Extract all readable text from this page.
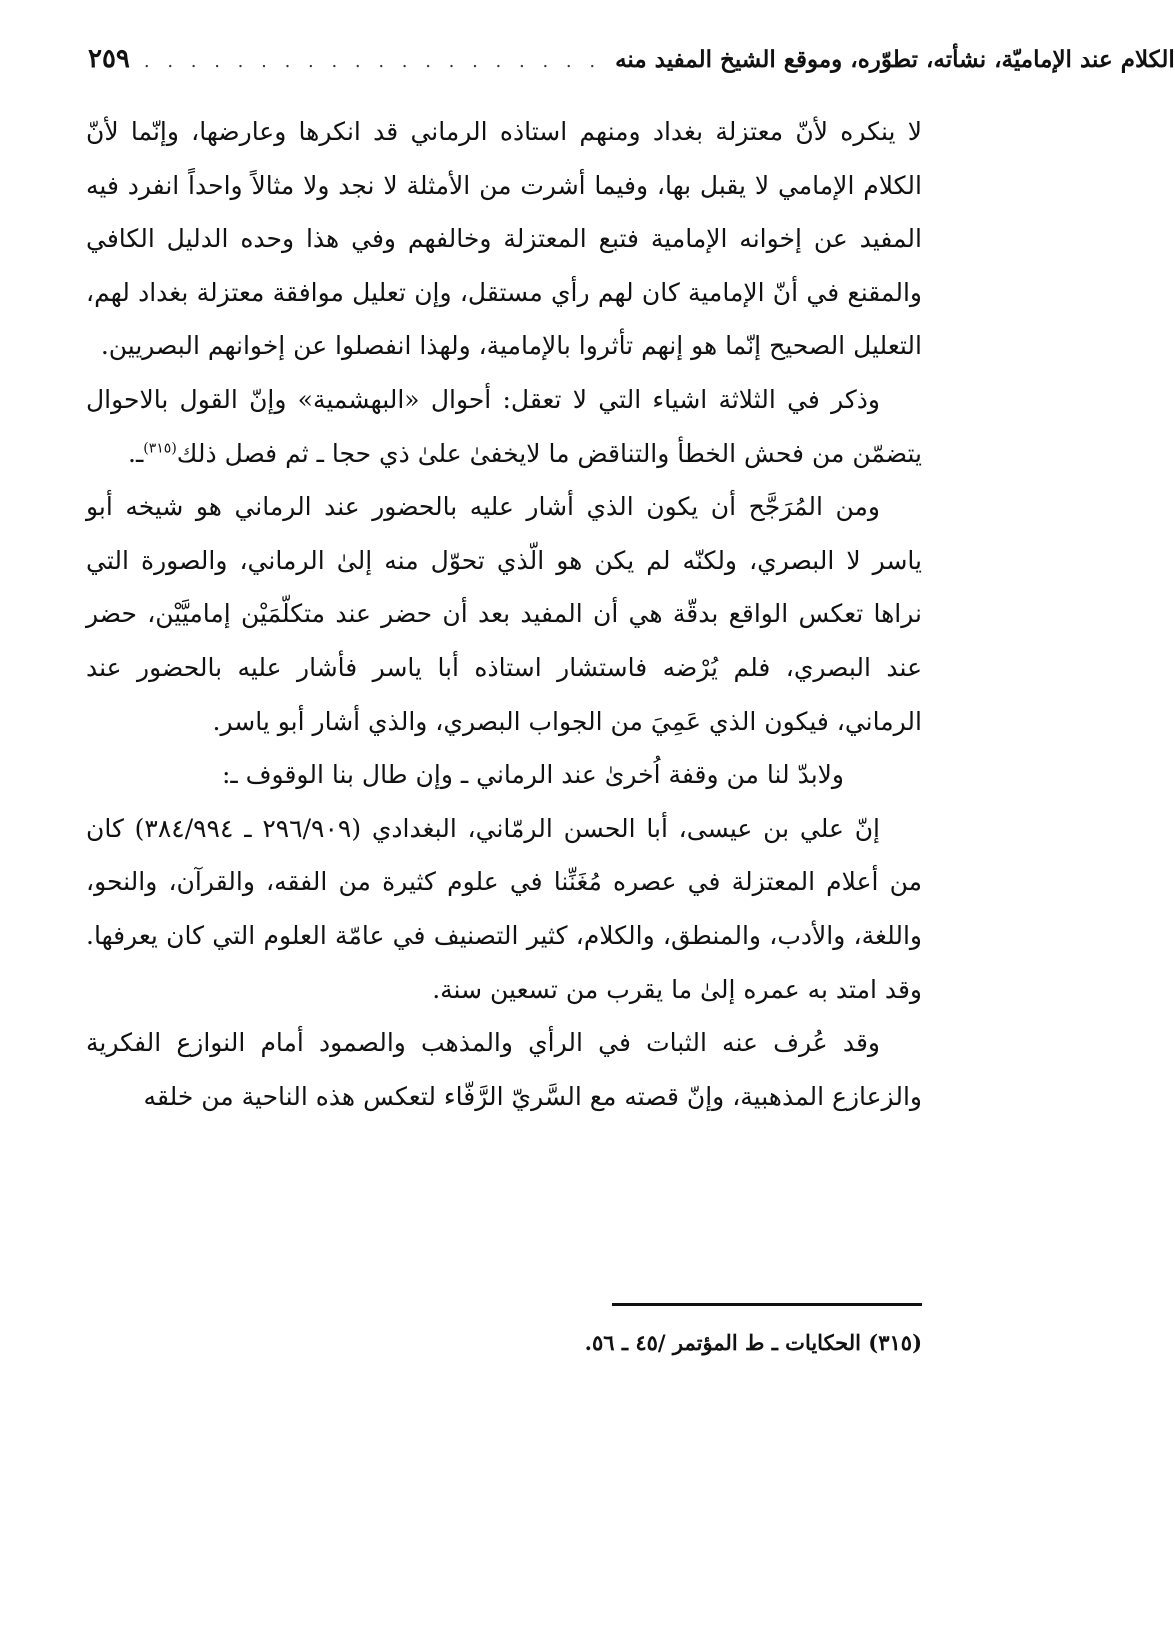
٢٥٩ . . . . . . . . . . . . . . . . . . . . الكلام عند الإماميّة، نشأته، تطوّره، وموقع الشيخ المفيد منه

لا ينكره لأنّ معتزلة بغداد ومنهم استاذه الرماني قد انكرها وعارضها، وإنّما لأنّ الكلام الإمامي لا يقبل بها، وفيما أشرت من الأمثلة لا نجد ولا مثالاً واحداً انفرد فيه المفيد عن إخوانه الإمامية فتبع المعتزلة وخالفهم وفي هذا وحده الدليل الكافي والمقنع في أنّ الإمامية كان لهم رأي مستقل، وإن تعليل موافقة معتزلة بغداد لهم، التعليل الصحيح إنّما هو إنهم تأثروا بالإمامية، ولهذا انفصلوا عن إخوانهم البصريين.

وذكر في الثلاثة اشياء التي لا تعقل: أحوال «البهشمية» وإنّ القول بالاحوال يتضمّن من فحش الخطأ والتناقض ما لايخفىٰ علىٰ ذي حجا ـ ثم فصل ذلك$^{(٣١٥)}$ـ.

ومن المُرَجَّح أن يكون الذي أشار عليه بالحضور عند الرماني هو شيخه أبو ياسر لا البصري، ولكنّه لم يكن هو الّذي تحوّل منه إلىٰ الرماني، والصورة التي نراها تعكس الواقع بدقّة هي أن المفيد بعد أن حضر عند متكلّمَيْن إماميَّيْن، حضر عند البصري، فلم يُرْضه فاستشار استاذه أبا ياسر فأشار عليه بالحضور عند الرماني، فيكون الذي عَمِيَ من الجواب البصري، والذي أشار أبو ياسر.

ولابدّ لنا من وقفة اُخرىٰ عند الرماني ـ وإن طال بنا الوقوف ـ:

إنّ علي بن عيسى، أبا الحسن الرمّاني، البغدادي (٢٩٦/٩٠٩ ـ ٣٨٤/٩٩٤) كان من أعلام المعتزلة في عصره مُغَنِّنا في علوم كثيرة من الفقه، والقرآن، والنحو، واللغة، والأدب، والمنطق، والكلام، كثير التصنيف في عامّة العلوم التي كان يعرفها. وقد امتد به عمره إلىٰ ما يقرب من تسعين سنة.

وقد عُرف عنه الثبات في الرأي والمذهب والصمود أمام النوازع الفكرية والزعازع المذهبية، وإنّ قصته مع السَّريّ الرَّفّاء لتعكس هذه الناحية من خلقه

(٣١٥) الحكايات ـ ط المؤتمر /٤٥ ـ ٥٦.
